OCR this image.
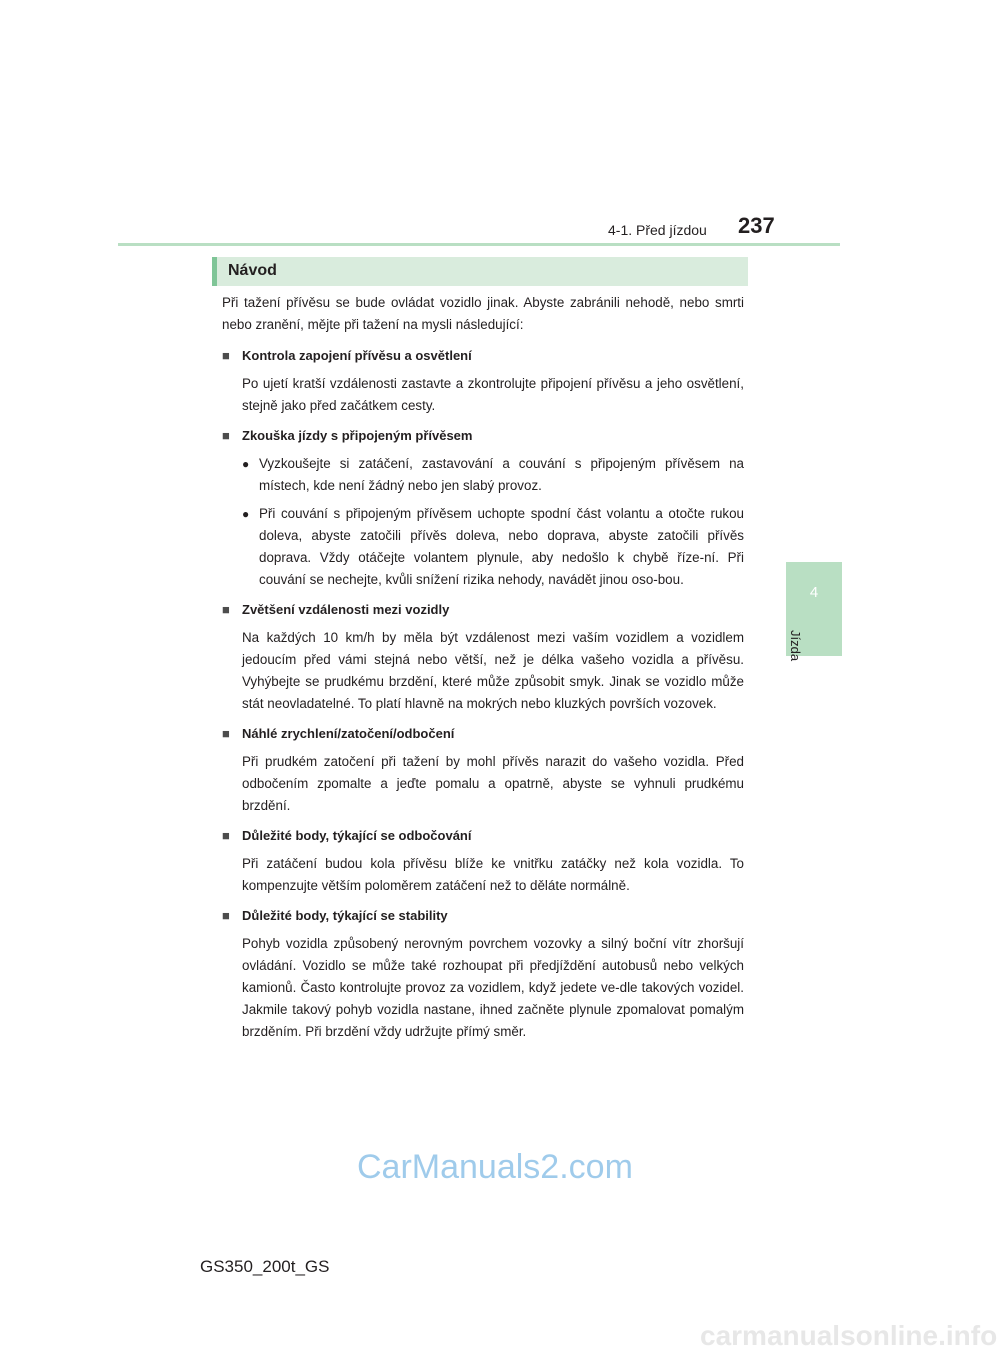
4-1. Před jízdou 237
4
Jízda
Návod

Při tažení přívěsu se bude ovládat vozidlo jinak. Abyste zabránili nehodě, nebo smrti nebo zranění, mějte při tažení na mysli následující:

■ Kontrola zapojení přívěsu a osvětlení
Po ujetí kratší vzdálenosti zastavte a zkontrolujte připojení přívěsu a jeho osvětlení, stejně jako před začátkem cesty.
■ Zkouška jízdy s připojeným přívěsem
● Vyzkoušejte si zatáčení, zastavování a couvání s připojeným přívěsem na místech, kde není žádný nebo jen slabý provoz.
● Při couvání s připojeným přívěsem uchopte spodní část volantu a otočte rukou doleva, abyste zatočili přívěs doleva, nebo doprava, abyste zatočili přívěs doprava. Vždy otáčejte volantem plynule, aby nedošlo k chybě říze-ní. Při couvání se nechejte, kvůli snížení rizika nehody, navádět jinou oso-bou.
■ Zvětšení vzdálenosti mezi vozidly
Na každých 10 km/h by měla být vzdálenost mezi vaším vozidlem a vozidlem jedoucím před vámi stejná nebo větší, než je délka vašeho vozidla a přívěsu. Vyhýbejte se prudkému brzdění, které může způsobit smyk. Jinak se vozidlo může stát neovladatelné. To platí hlavně na mokrých nebo kluzkých površích vozovek.
■ Náhlé zrychlení/zatočení/odbočení
Při prudkém zatočení při tažení by mohl přívěs narazit do vašeho vozidla. Před odbočením zpomalte a jeďte pomalu a opatrně, abyste se vyhnuli prudkému brzdění.
■ Důležité body, týkající se odbočování
Při zatáčení budou kola přívěsu blíže ke vnitřku zatáčky než kola vozidla. To kompenzujte větším poloměrem zatáčení než to děláte normálně.
■ Důležité body, týkající se stability
Pohyb vozidla způsobený nerovným povrchem vozovky a silný boční vítr zhoršují ovládání. Vozidlo se může také rozhoupat při předjíždění autobusů nebo velkých kamionů. Často kontrolujte provoz za vozidlem, když jedete ve-dle takových vozidel. Jakmile takový pohyb vozidla nastane, ihned začněte plynule zpomalovat pomalým brzděním. Při brzdění vždy udržujte přímý směr.
CarManuals2.com
GS350_200t_GS
carmanualsonline.info
